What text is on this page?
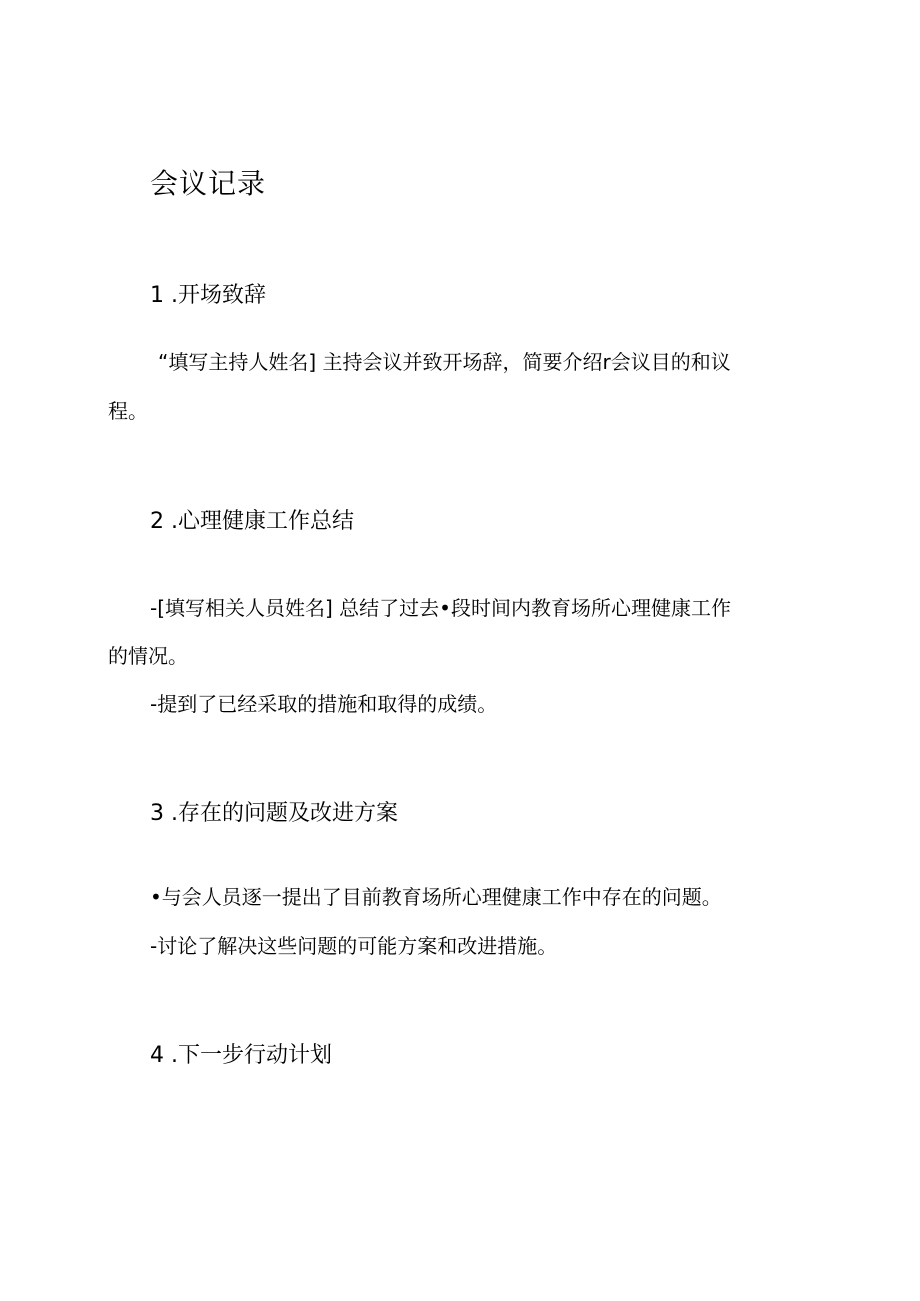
会议记录
1 .开场致辞
“填写主持人姓名] 主持会议并致开场辞，简要介绍r会议目的和议
程。
2 .心理健康工作总结
-[填写相关人员姓名] 总结了过去•段时间内教育场所心理健康工作
的情况。
-提到了已经采取的措施和取得的成绩。
3 .存在的问题及改进方案
•与会人员逐一提出了目前教育场所心理健康工作中存在的问题。
-讨论了解决这些问题的可能方案和改进措施。
4 .下一步行动计划
